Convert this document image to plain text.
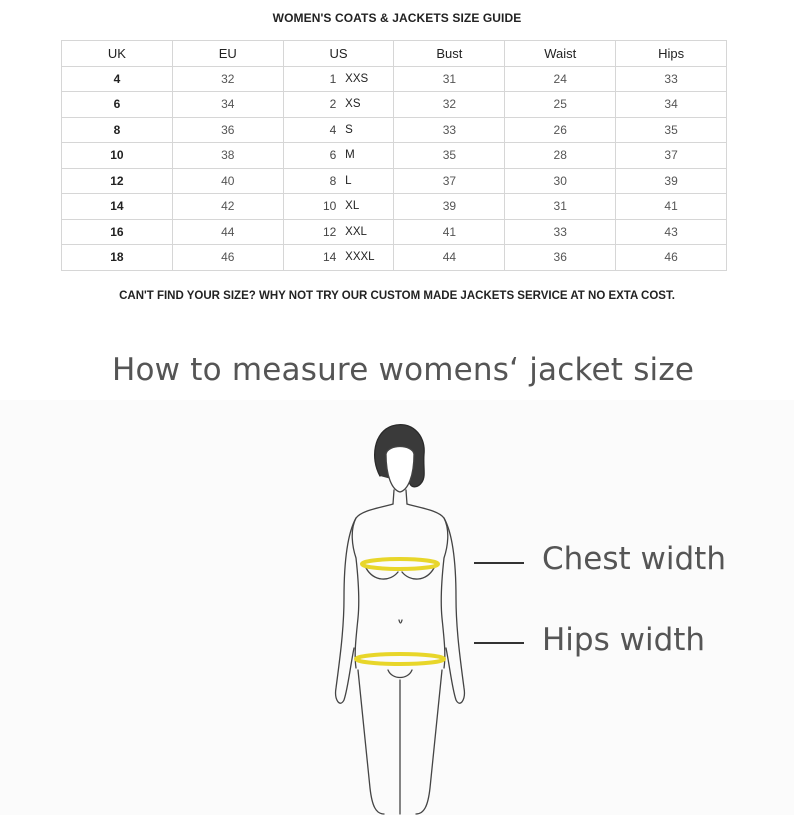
WOMEN'S COATS & JACKETS SIZE GUIDE
UK	EU	US	Bust	Waist	Hips
4	32	1 XXS	31	24	33
6	34	2 XS	32	25	34
8	36	4 S	33	26	35
10	38	6 M	35	28	37
12	40	8 L	37	30	39
14	42	10 XL	39	31	41
16	44	12 XXL	41	33	43
18	46	14 XXXL	44	36	46
CAN'T FIND YOUR SIZE? WHY NOT TRY OUR CUSTOM MADE JACKETS SERVICE AT NO EXTA COST.
How to measure womens‘ jacket size
Chest width
Hips width
